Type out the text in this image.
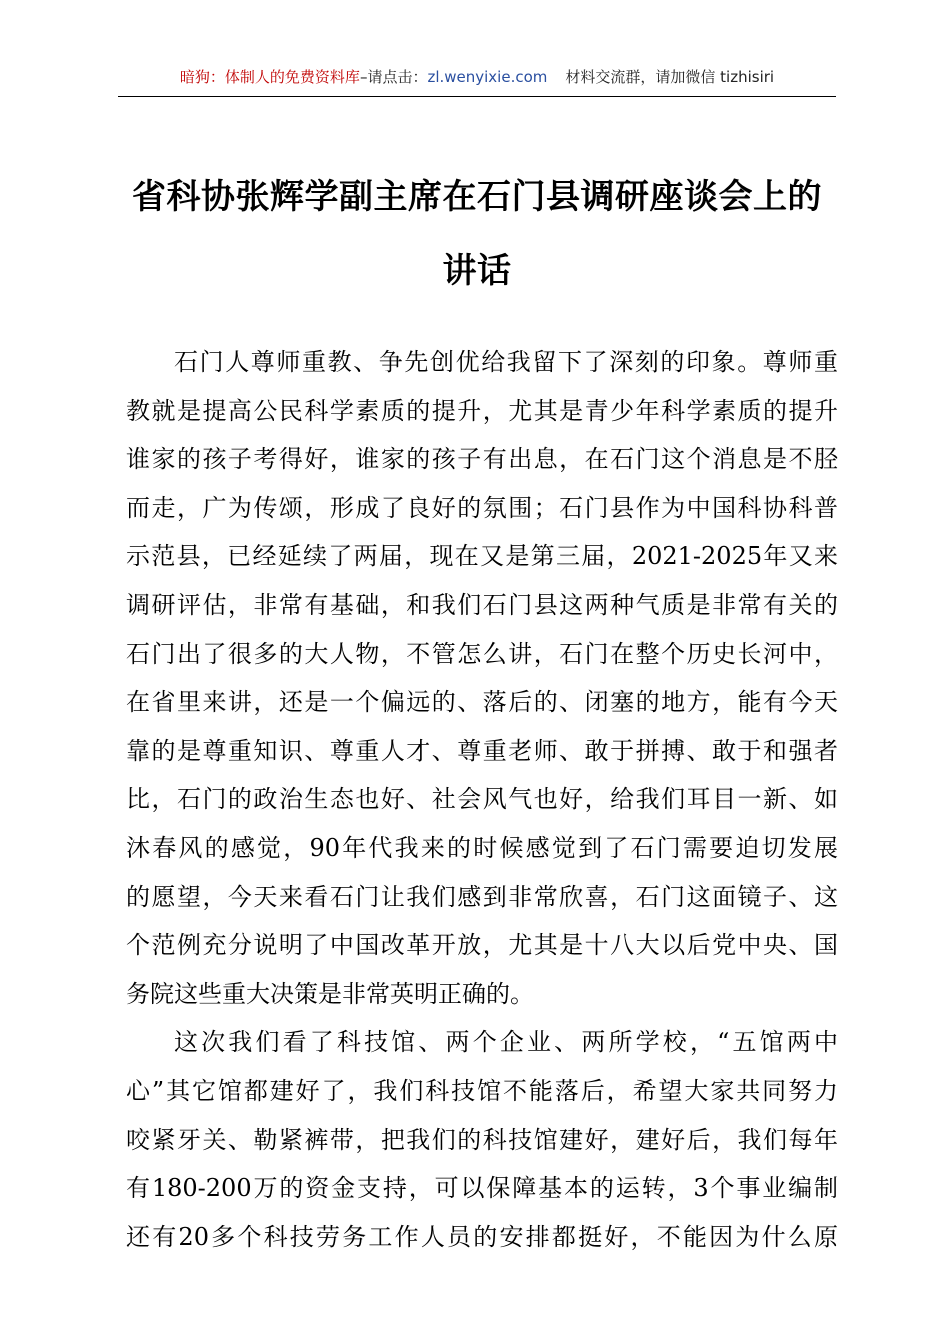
暗狗：体制人的免费资料库–请点击：zl.wenyixie.com 材料交流群，请加微信 tizhisiri
省科协张辉学副主席在石门县调研座谈会上的
讲话
石门人尊师重教、争先创优给我留下了深刻的印象。尊师重
教就是提高公民科学素质的提升，尤其是青少年科学素质的提升
谁家的孩子考得好，谁家的孩子有出息，在石门这个消息是不胫
而走，广为传颂，形成了良好的氛围；石门县作为中国科协科普
示范县，已经延续了两届，现在又是第三届，2021-2025年又来
调研评估，非常有基础，和我们石门县这两种气质是非常有关的
石门出了很多的大人物，不管怎么讲，石门在整个历史长河中，
在省里来讲，还是一个偏远的、落后的、闭塞的地方，能有今天
靠的是尊重知识、尊重人才、尊重老师、敢于拼搏、敢于和强者
比，石门的政治生态也好、社会风气也好，给我们耳目一新、如
沐春风的感觉，90年代我来的时候感觉到了石门需要迫切发展
的愿望，今天来看石门让我们感到非常欣喜，石门这面镜子、这
个范例充分说明了中国改革开放，尤其是十八大以后党中央、国
务院这些重大决策是非常英明正确的。
这次我们看了科技馆、两个企业、两所学校，“五馆两中
心”其它馆都建好了，我们科技馆不能落后，希望大家共同努力
咬紧牙关、勒紧裤带，把我们的科技馆建好，建好后，我们每年
有180-200万的资金支持，可以保障基本的运转，3个事业编制
还有20多个科技劳务工作人员的安排都挺好，不能因为什么原
